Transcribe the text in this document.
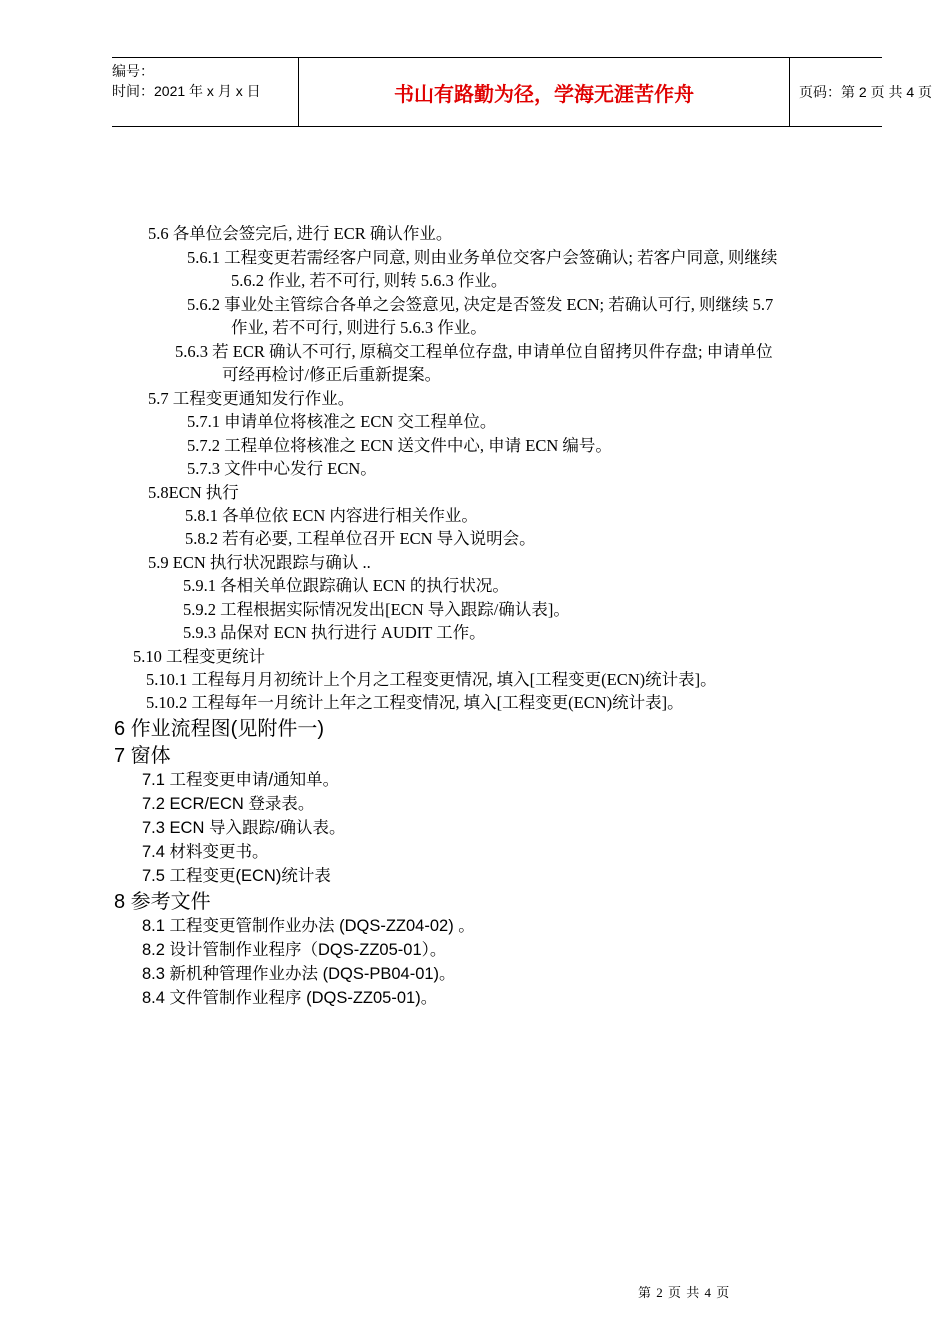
编号：
时间：2021 年 x 月 x 日	书山有路勤为径，学海无涯苦作舟	页码：第 2 页 共 4 页
5.6 各单位会签完后, 进行 ECR 确认作业。
5.6.1 工程变更若需经客户同意, 则由业务单位交客户会签确认; 若客户同意, 则继续
5.6.2 作业, 若不可行, 则转 5.6.3 作业。
5.6.2 事业处主管综合各单之会签意见, 决定是否签发 ECN; 若确认可行, 则继续 5.7
作业, 若不可行, 则进行 5.6.3 作业。
5.6.3 若 ECR 确认不可行, 原稿交工程单位存盘, 申请单位自留拷贝件存盘; 申请单位
可经再检讨/修正后重新提案。
5.7 工程变更通知发行作业。
5.7.1 申请单位将核准之 ECN 交工程单位。
5.7.2 工程单位将核准之 ECN 送文件中心, 申请 ECN 编号。
5.7.3 文件中心发行 ECN。
5.8ECN 执行
5.8.1 各单位依 ECN 内容进行相关作业。
5.8.2 若有必要, 工程单位召开 ECN 导入说明会。
5.9 ECN 执行状况跟踪与确认 ..
5.9.1 各相关单位跟踪确认 ECN 的执行状况。
5.9.2 工程根据实际情况发出[ECN 导入跟踪/确认表]。
5.9.3 品保对 ECN 执行进行 AUDIT 工作。
5.10 工程变更统计
5.10.1 工程每月月初统计上个月之工程变更情况, 填入[工程变更(ECN)统计表]。
5.10.2 工程每年一月统计上年之工程变情况, 填入[工程变更(ECN)统计表]。
6 作业流程图(见附件一)
7 窗体
7.1 工程变更申请/通知单。
7.2 ECR/ECN 登录表。
7.3 ECN 导入跟踪/确认表。
7.4 材料变更书。
7.5 工程变更(ECN)统计表
8 参考文件
8.1 工程变更管制作业办法 (DQS-ZZ04-02) 。
8.2 设计管制作业程序（DQS-ZZ05-01）。
8.3 新机种管理作业办法 (DQS-PB04-01)。
8.4 文件管制作业程序 (DQS-ZZ05-01)。
第 2 页 共 4 页
